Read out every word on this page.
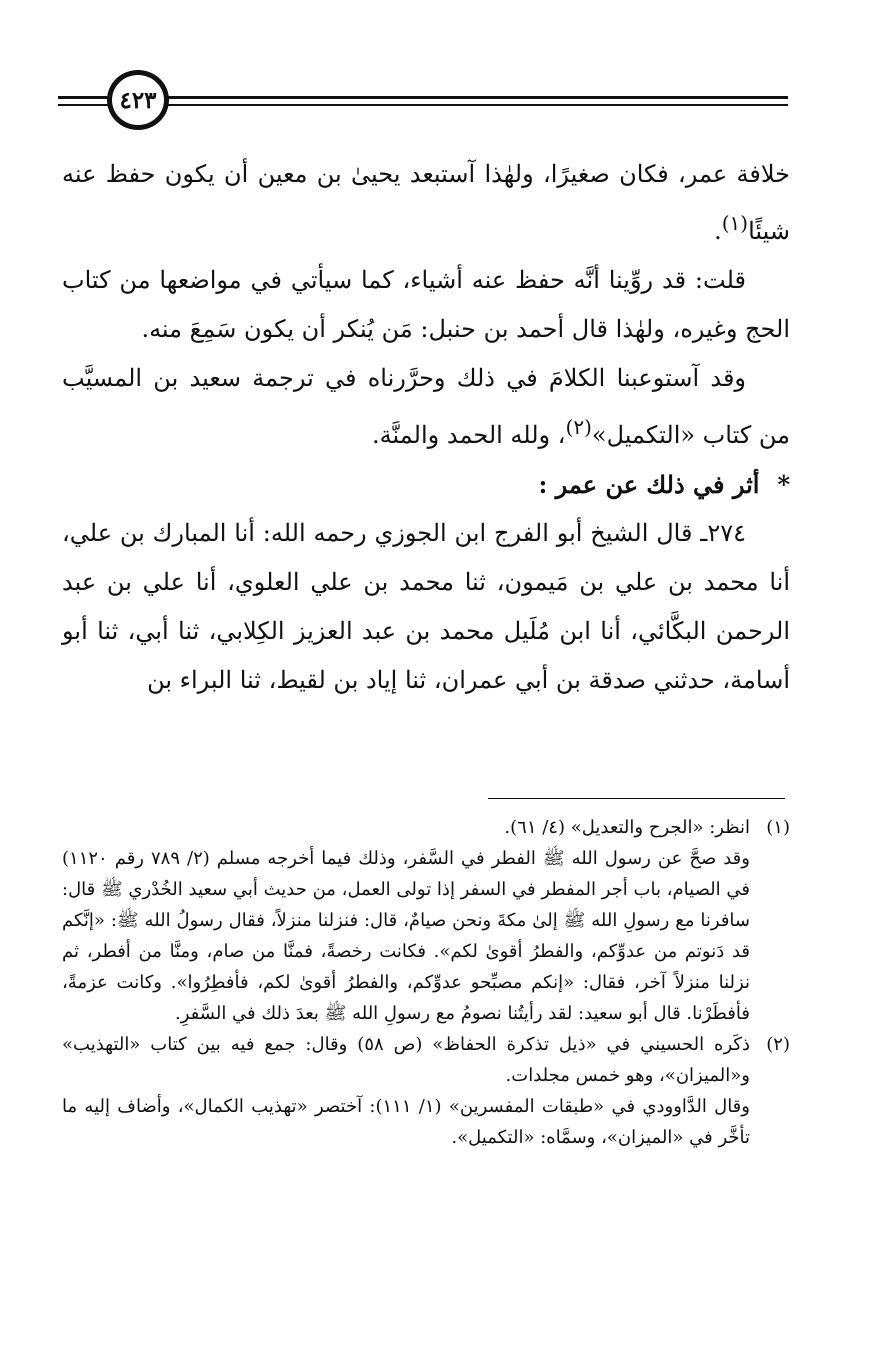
٤٢٣

خلافة عمر، فكان صغيرًا، ولهٰذا آستبعد يحيىٰ بن معين أن يكون حفظ عنه شيئًا$^{(١)}$.

قلت: قد روِّينا أنَّه حفظ عنه أشياء، كما سيأتي في مواضعها من كتاب الحج وغيره، ولهٰذا قال أحمد بن حنبل: مَن يُنكر أن يكون سَمِعَ منه.

وقد آستوعبنا الكلامَ في ذلك وحرَّرناه في ترجمة سعيد بن المسيَّب من كتاب «التكميل»$^{(٢)}$، ولله الحمد والمنَّة.

*أثر في ذلك عن عمر :

٢٧٤ـ قال الشيخ أبو الفرج ابن الجوزي رحمه الله: أنا المبارك بن علي، أنا محمد بن علي بن مَيمون، ثنا محمد بن علي العلوي، أنا علي بن عبد الرحمن البكَّائي، أنا ابن مُلَيل محمد بن عبد العزيز الكِلابي، ثنا أبي، ثنا أبو أسامة، حدثني صدقة بن أبي عمران، ثنا إياد بن لقيط، ثنا البراء بن

(١)
انظر: «الجرح والتعديل» (٤/ ٦١).
وقد صحَّ عن رسول الله ﷺ الفطر في السَّفر، وذلك فيما أخرجه مسلم (٢/ ٧٨٩ رقم ١١٢٠) في الصيام، باب أجر المفطر في السفر إذا تولى العمل، من حديث أبي سعيد الخُدْري ﷺ قال: سافرنا مع رسولِ الله ﷺ إلىٰ مكةَ ونحن صيامٌ، قال: فنزلنا منزلاً، فقال رسولُ الله ﷺ: «إنَّكم قد دَنوتم من عدوِّكم، والفطرُ أقوىٰ لكم». فكانت رخصةً، فمنَّا من صام، ومنَّا من أفطر، ثم نزلنا منزلاً آخر، فقال: «إنكم مصبِّحو عدوِّكم، والفطرُ أقوىٰ لكم، فأفطِرُوا». وكانت عزمةً، فأفطَرْنا. قال أبو سعيد: لقد رأيتُنا نصومُ مع رسولِ الله ﷺ بعدَ ذلك في السَّفرِ.
(٢)
ذكَره الحسيني في «ذيل تذكرة الحفاظ» (ص ٥٨) وقال: جمع فيه بين كتاب «التهذيب» و«الميزان»، وهو خمس مجلدات.
وقال الدَّاوودي في «طبقات المفسرين» (١/ ١١١): آختصر «تهذيب الكمال»، وأضاف إليه ما تأخَّر في «الميزان»، وسمَّاه: «التكميل».
